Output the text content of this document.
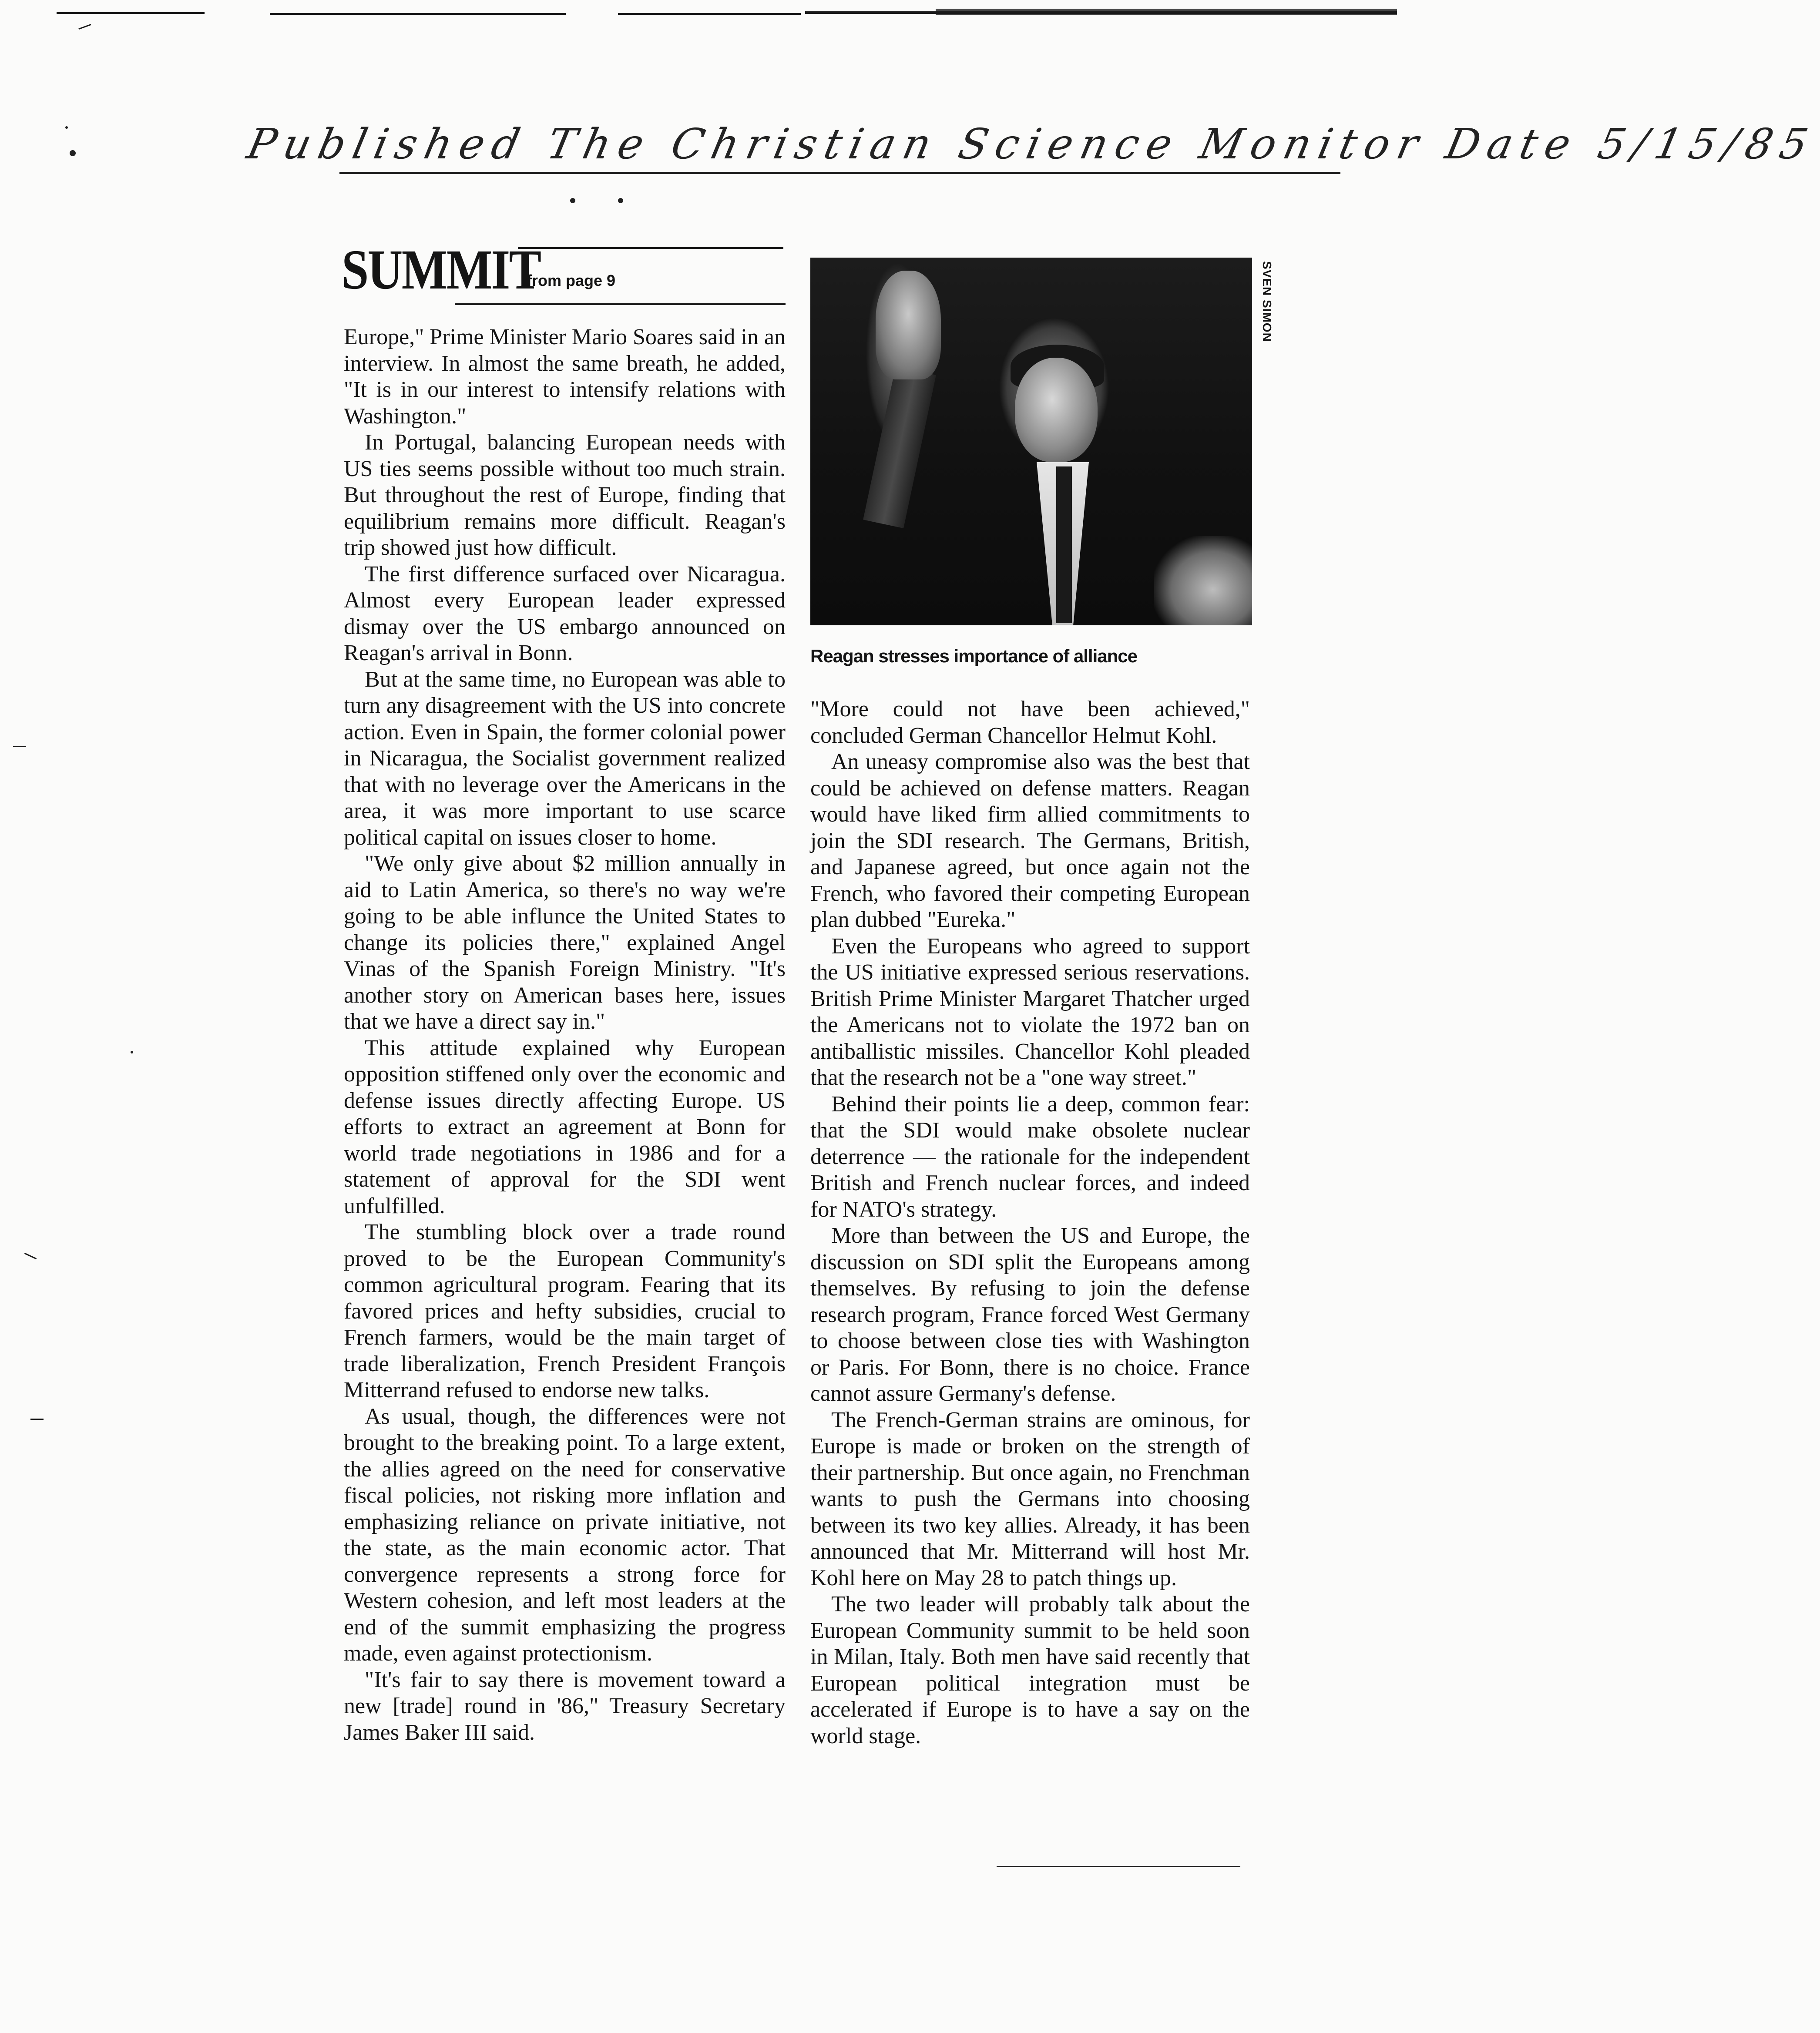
Published The Christian Science Monitor Date 5/15/85
SUMMIT
from page 9

Europe," Prime Minister Mario Soares said in an interview. In almost the same breath, he added, "It is in our interest to intensify relations with Washington."

In Portugal, balancing European needs with US ties seems possible without too much strain. But throughout the rest of Europe, finding that equilibrium remains more difficult. Reagan's trip showed just how difficult.

The first difference surfaced over Nicaragua. Almost every European leader expressed dismay over the US embargo announced on Reagan's arrival in Bonn.

But at the same time, no European was able to turn any disagreement with the US into concrete action. Even in Spain, the former colonial power in Nicaragua, the Socialist government realized that with no leverage over the Americans in the area, it was more important to use scarce political capital on issues closer to home.

"We only give about $2 million annually in aid to Latin America, so there's no way we're going to be able influnce the United States to change its policies there," explained Angel Vinas of the Spanish Foreign Ministry. "It's another story on American bases here, issues that we have a direct say in."

This attitude explained why European opposition stiffened only over the economic and defense issues directly affecting Europe. US efforts to extract an agreement at Bonn for world trade negotiations in 1986 and for a statement of approval for the SDI went unfulfilled.

The stumbling block over a trade round proved to be the European Community's common agricultural program. Fearing that its favored prices and hefty subsidies, crucial to French farmers, would be the main target of trade liberalization, French President François Mitterrand refused to endorse new talks.

As usual, though, the differences were not brought to the breaking point. To a large extent, the allies agreed on the need for conservative fiscal policies, not risking more inflation and emphasizing reliance on private initiative, not the state, as the main economic actor. That convergence represents a strong force for Western cohesion, and left most leaders at the end of the summit emphasizing the progress made, even against protectionism.

"It's fair to say there is movement toward a new [trade] round in '86," Treasury Secretary James Baker III said.

SVEN SIMON
Reagan stresses importance of alliance

"More could not have been achieved," concluded German Chancellor Helmut Kohl.

An uneasy compromise also was the best that could be achieved on defense matters. Reagan would have liked firm allied commitments to join the SDI research. The Germans, British, and Japanese agreed, but once again not the French, who favored their competing European plan dubbed "Eureka."

Even the Europeans who agreed to support the US initiative expressed serious reservations. British Prime Minister Margaret Thatcher urged the Americans not to violate the 1972 ban on antiballistic missiles. Chancellor Kohl pleaded that the research not be a "one way street."

Behind their points lie a deep, common fear: that the SDI would make obsolete nuclear deterrence — the rationale for the independent British and French nuclear forces, and indeed for NATO's strategy.

More than between the US and Europe, the discussion on SDI split the Europeans among themselves. By refusing to join the defense research program, France forced West Germany to choose between close ties with Washington or Paris. For Bonn, there is no choice. France cannot assure Germany's defense.

The French-German strains are ominous, for Europe is made or broken on the strength of their partnership. But once again, no Frenchman wants to push the Germans into choosing between its two key allies. Already, it has been announced that Mr. Mitterrand will host Mr. Kohl here on May 28 to patch things up.

The two leader will probably talk about the European Community summit to be held soon in Milan, Italy. Both men have said recently that European political integration must be accelerated if Europe is to have a say on the world stage.
